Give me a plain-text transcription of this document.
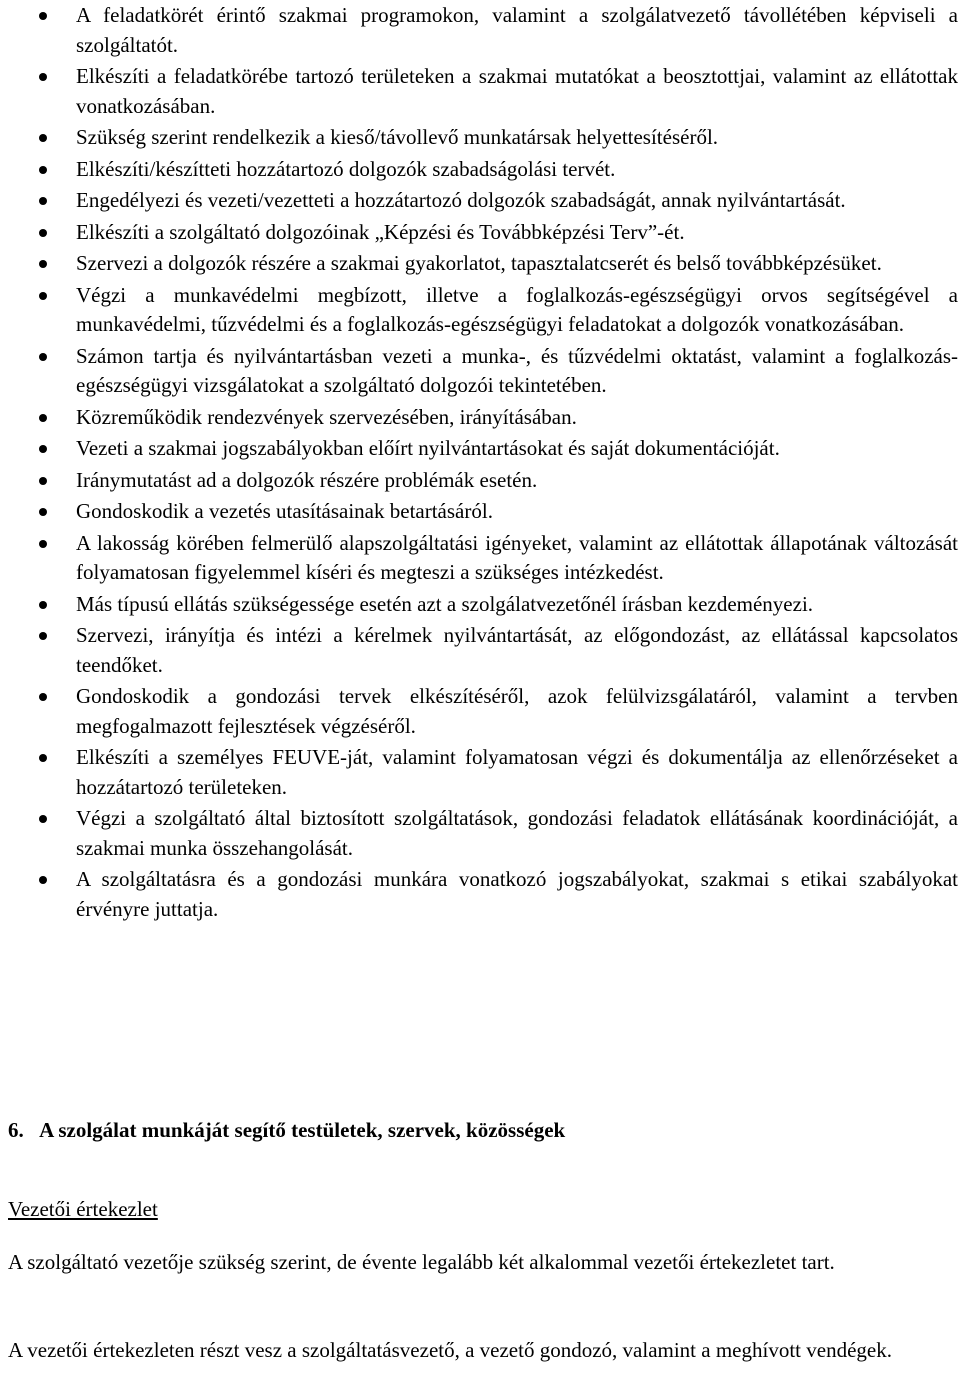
A feladatkörét érintő szakmai programokon, valamint a szolgálatvezető távollétében képviseli a szolgáltatót.
Elkészíti a feladatkörébe tartozó területeken a szakmai mutatókat a beosztottjai, valamint az ellátottak vonatkozásában.
Szükség szerint rendelkezik a kieső/távollevő munkatársak helyettesítéséről.
Elkészíti/készítteti hozzátartozó dolgozók szabadságolási tervét.
Engedélyezi és vezeti/vezetteti a hozzátartozó dolgozók szabadságát, annak nyilvántartását.
Elkészíti a szolgáltató dolgozóinak „Képzési és Továbbképzési Terv”-ét.
Szervezi a dolgozók részére a szakmai gyakorlatot, tapasztalatcserét és belső továbbképzésüket.
Végzi a munkavédelmi megbízott, illetve a foglalkozás-egészségügyi orvos segítségével a munkavédelmi, tűzvédelmi és a foglalkozás-egészségügyi feladatokat a dolgozók vonatkozásában.
Számon tartja és nyilvántartásban vezeti a munka-, és tűzvédelmi oktatást, valamint a foglalkozás-egészségügyi vizsgálatokat a szolgáltató dolgozói tekintetében.
Közreműködik rendezvények szervezésében, irányításában.
Vezeti a szakmai jogszabályokban előírt nyilvántartásokat és saját dokumentációját.
Iránymutatást ad a dolgozók részére problémák esetén.
Gondoskodik a vezetés utasításainak betartásáról.
A lakosság körében felmerülő alapszolgáltatási igényeket, valamint az ellátottak állapotának változását folyamatosan figyelemmel kíséri és megteszi a szükséges intézkedést.
Más típusú ellátás szükségessége esetén azt a szolgálatvezetőnél írásban kezdeményezi.
Szervezi, irányítja és intézi a kérelmek nyilvántartását, az előgondozást, az ellátással kapcsolatos teendőket.
Gondoskodik a gondozási tervek elkészítéséről, azok felülvizsgálatáról, valamint a tervben megfogalmazott fejlesztések végzéséről.
Elkészíti a személyes FEUVE-ját, valamint folyamatosan végzi és dokumentálja az ellenőrzéseket a hozzátartozó területeken.
Végzi a szolgáltató által biztosított szolgáltatások, gondozási feladatok ellátásának koordinációját, a szakmai munka összehangolását.
A szolgáltatásra és a gondozási munkára vonatkozó jogszabályokat, szakmai s etikai szabályokat érvényre juttatja.
6. A szolgálat munkáját segítő testületek, szervek, közösségek

Vezetői értekezlet

A szolgáltató vezetője szükség szerint, de évente legalább két alkalommal vezetői értekezletet tart.

A vezetői értekezleten részt vesz a szolgáltatásvezető, a vezető gondozó, valamint a meghívott vendégek.
